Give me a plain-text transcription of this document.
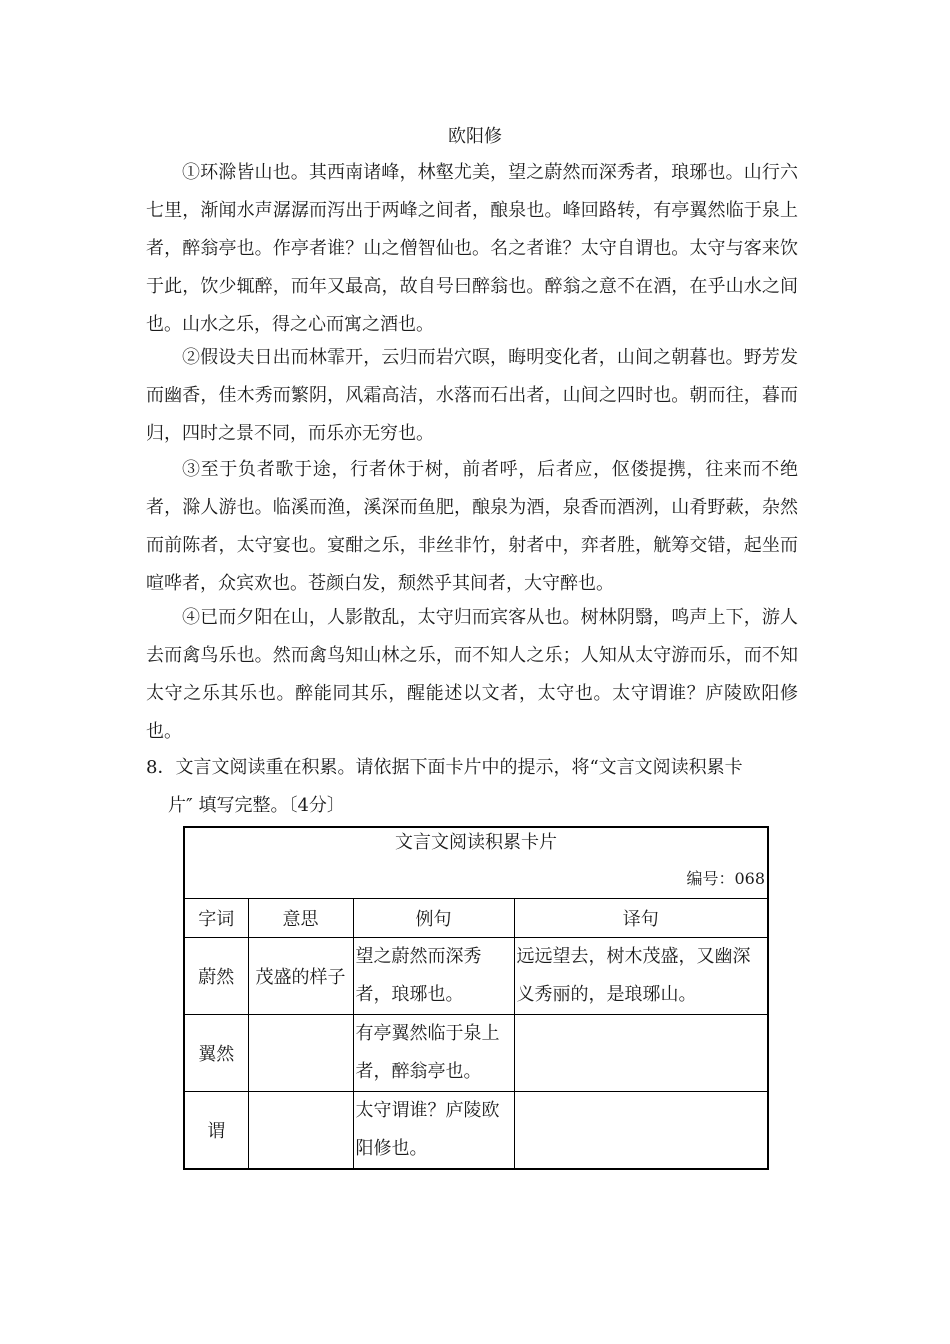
欧阳修

①环滁皆山也。其西南诸峰，林壑尤美，望之蔚然而深秀者，琅琊也。山行六七里，渐闻水声潺潺而泻出于两峰之间者，酿泉也。峰回路转，有亭翼然临于泉上者，醉翁亭也。作亭者谁？山之僧智仙也。名之者谁？太守自谓也。太守与客来饮于此，饮少辄醉，而年又最高，故自号曰醉翁也。醉翁之意不在酒，在乎山水之间也。山水之乐，得之心而寓之酒也。

②假设夫日出而林霏开，云归而岩穴暝，晦明变化者，山间之朝暮也。野芳发而幽香，佳木秀而繁阴，风霜高洁，水落而石出者，山间之四时也。朝而往，暮而归，四时之景不同，而乐亦无穷也。

③至于负者歌于途，行者休于树，前者呼，后者应，伛偻提携，往来而不绝者，滁人游也。临溪而渔，溪深而鱼肥，酿泉为酒，泉香而酒洌，山肴野蔌，杂然而前陈者，太守宴也。宴酣之乐，非丝非竹，射者中，弈者胜，觥筹交错，起坐而喧哗者，众宾欢也。苍颜白发，颓然乎其间者，大守醉也。

④已而夕阳在山，人影散乱，太守归而宾客从也。树林阴翳，鸣声上下，游人去而禽鸟乐也。然而禽鸟知山林之乐，而不知人之乐；人知从太守游而乐，而不知太守之乐其乐也。醉能同其乐，醒能述以文者，太守也。太守谓谁？庐陵欧阳修也。

8．文言文阅读重在积累。请依据下面卡片中的提示，将“文言文阅读积累卡
片″ 填写完整。〔4分〕
文言文阅读积累卡片
编号：068			

字词	意思	例句	译句
蔚然	茂盛的样子	望之蔚然而深秀者，琅琊也。	远远望去，树木茂盛，又幽深义秀丽的，是琅琊山。
翼然		有亭翼然临于泉上者，醉翁亭也。	
谓		太守谓谁？庐陵欧阳修也。	
